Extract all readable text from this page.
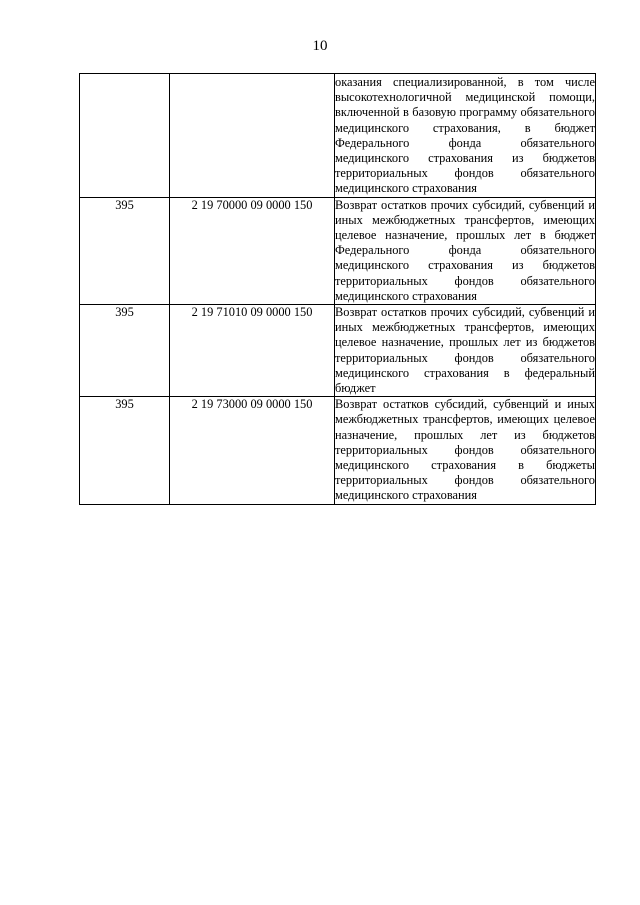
10
		оказания специализированной, в том числе высокотехнологичной медицинской помощи, включенной в базовую программу обязательного медицинского страхования, в бюджет Федерального фонда обязательного медицинского страхования из бюджетов территориальных фондов обязательного медицинского страхования
395	2 19 70000 09 0000 150	Возврат остатков прочих субсидий, субвенций и иных межбюджетных трансфертов, имеющих целевое назначение, прошлых лет в бюджет Федерального фонда обязательного медицинского страхования из бюджетов территориальных фондов обязательного медицинского страхования
395	2 19 71010 09 0000 150	Возврат остатков прочих субсидий, субвенций и иных межбюджетных трансфертов, имеющих целевое назначение, прошлых лет из бюджетов территориальных фондов обязательного медицинского страхования в федеральный бюджет
395	2 19 73000 09 0000 150	Возврат остатков субсидий, субвенций и иных межбюджетных трансфертов, имеющих целевое назначение, прошлых лет из бюджетов территориальных фондов обязательного медицинского страхования в бюджеты территориальных фондов обязательного медицинского страхования
